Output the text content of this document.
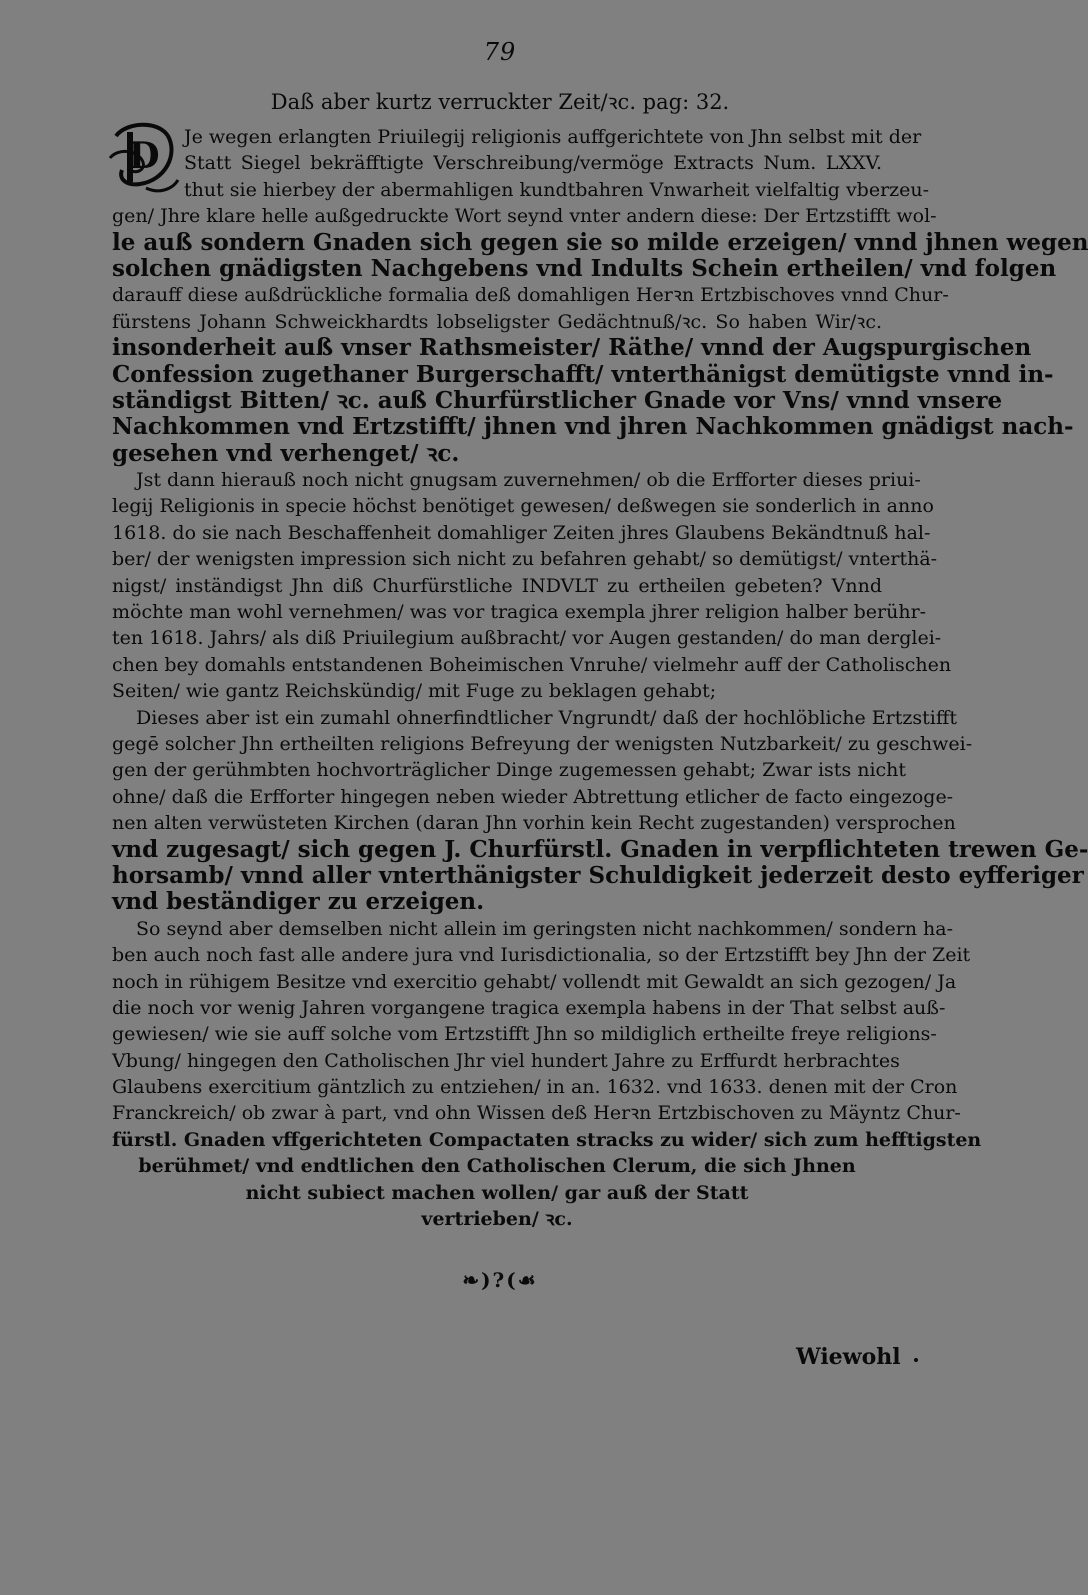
79
Daß aber kurtz verruckter Zeit/ꝛc. pag: 32.
D	Je wegen erlangten Priuilegij religionis auffgerichtete von Jhn selbst mit der
Statt Siegel bekräfftigte Verschreibung/vermöge Extracts Num. LXXV.
thut sie hierbey der abermahligen kundtbahren Vnwarheit vielfaltig vberzeu-
gen/ Jhre klare helle außgedruckte Wort seynd vnter andern diese: Der Ertzstifft wol-
le auß sondern Gnaden sich gegen sie so milde erzeigen/ vnnd jhnen wegen
solchen gnädigsten Nachgebens vnd Indults Schein ertheilen/ vnd folgen
darauff diese außdrückliche formalia deß domahligen Herꝛn Ertzbischoves vnnd Chur-
fürstens Johann Schweickhardts lobseligster Gedächtnuß/ꝛc. So haben Wir/ꝛc.
insonderheit auß vnser Rathsmeister/ Räthe/ vnnd der Augspurgischen
Confession zugethaner Burgerschafft/ vnterthänigst demütigste vnnd in-
ständigst Bitten/ ꝛc. auß Churfürstlicher Gnade vor Vns/ vnnd vnsere
Nachkommen vnd Ertzstifft/ jhnen vnd jhren Nachkommen gnädigst nach-
gesehen vnd verhenget/ ꝛc.
Jst dann hierauß noch nicht gnugsam zuvernehmen/ ob die Erfforter dieses priui-
legij Religionis in specie höchst benötiget gewesen/ deßwegen sie sonderlich in anno
1618. do sie nach Beschaffenheit domahliger Zeiten jhres Glaubens Bekändtnuß hal-
ber/ der wenigsten impression sich nicht zu befahren gehabt/ so demütigst/ vnterthä-
nigst/ inständigst Jhn diß Churfürstliche INDVLT zu ertheilen gebeten? Vnnd
möchte man wohl vernehmen/ was vor tragica exempla jhrer religion halber berühr-
ten 1618. Jahrs/ als diß Priuilegium außbracht/ vor Augen gestanden/ do man derglei-
chen bey domahls entstandenen Boheimischen Vnruhe/ vielmehr auff der Catholischen
Seiten/ wie gantz Reichskündig/ mit Fuge zu beklagen gehabt;
Dieses aber ist ein zumahl ohnerfindtlicher Vngrundt/ daß der hochlöbliche Ertzstifft
gegē solcher Jhn ertheilten religions Befreyung der wenigsten Nutzbarkeit/ zu geschwei-
gen der gerühmbten hochvorträglicher Dinge zugemessen gehabt; Zwar ists nicht
ohne/ daß die Erfforter hingegen neben wieder Abtrettung etlicher de facto eingezoge-
nen alten verwüsteten Kirchen (daran Jhn vorhin kein Recht zugestanden) versprochen
vnd zugesagt/ sich gegen J. Churfürstl. Gnaden in verpflichteten trewen Ge-
horsamb/ vnnd aller vnterthänigster Schuldigkeit jederzeit desto eyfferiger
vnd beständiger zu erzeigen.
So seynd aber demselben nicht allein im geringsten nicht nachkommen/ sondern ha-
ben auch noch fast alle andere jura vnd Iurisdictionalia, so der Ertzstifft bey Jhn der Zeit
noch in rühigem Besitze vnd exercitio gehabt/ vollendt mit Gewaldt an sich gezogen/ Ja
die noch vor wenig Jahren vorgangene tragica exempla habens in der That selbst auß-
gewiesen/ wie sie auff solche vom Ertzstifft Jhn so mildiglich ertheilte freye religions-
Vbung/ hingegen den Catholischen Jhr viel hundert Jahre zu Erffurdt herbrachtes
Glaubens exercitium gäntzlich zu entziehen/ in an. 1632. vnd 1633. denen mit der Cron
Franckreich/ ob zwar à part, vnd ohn Wissen deß Herꝛn Ertzbischoven zu Mäyntz Chur-
fürstl. Gnaden vffgerichteten Compactaten stracks zu wider/ sich zum hefftigsten
berühmet/ vnd endtlichen den Catholischen Clerum, die sich Jhnen
nicht subiect machen wollen/ gar auß der Statt
vertrieben/ ꝛc.
❧)?(☙
Wiewohl
